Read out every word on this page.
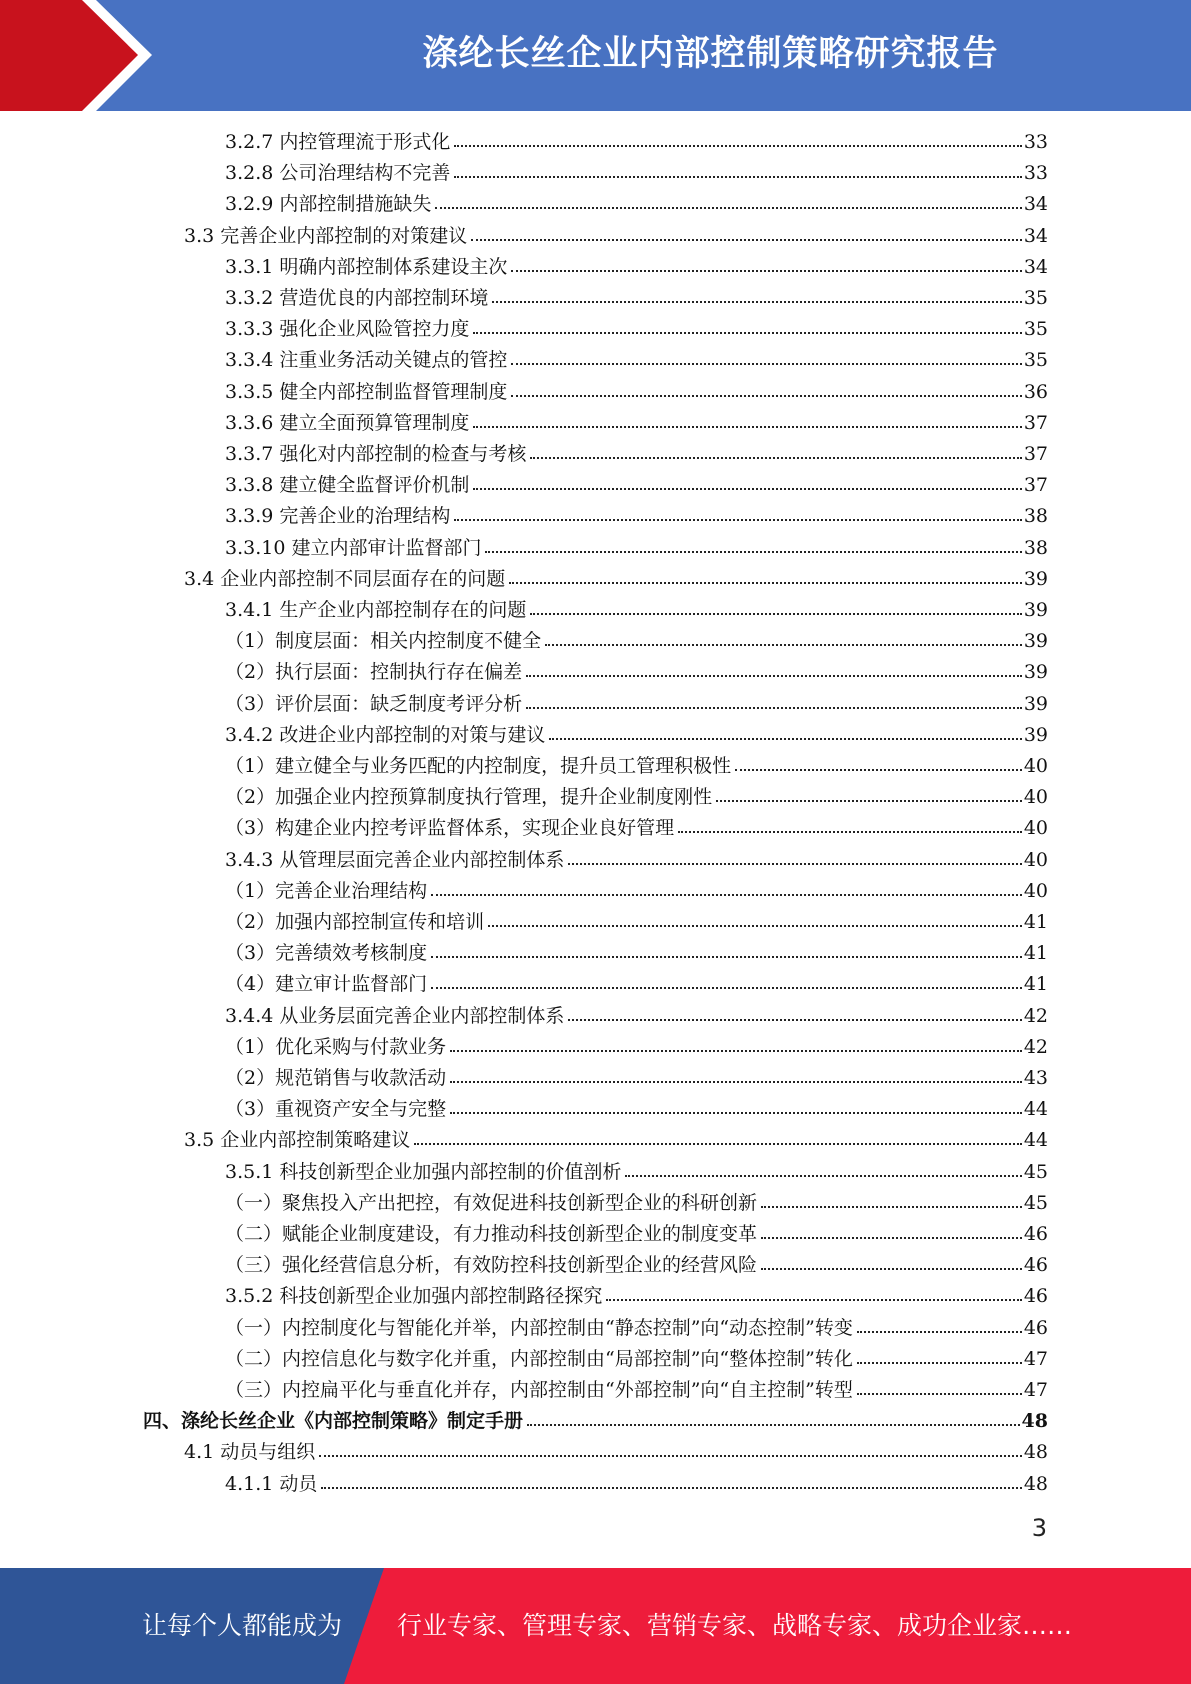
涤纶长丝企业内部控制策略研究报告
3.2.7 内控管理流于形式化	33
3.2.8 公司治理结构不完善	33
3.2.9 内部控制措施缺失	34
3.3 完善企业内部控制的对策建议	34
3.3.1 明确内部控制体系建设主次	34
3.3.2 营造优良的内部控制环境	35
3.3.3 强化企业风险管控力度	35
3.3.4 注重业务活动关键点的管控	35
3.3.5 健全内部控制监督管理制度	36
3.3.6 建立全面预算管理制度	37
3.3.7 强化对内部控制的检查与考核	37
3.3.8 建立健全监督评价机制	37
3.3.9 完善企业的治理结构	38
3.3.10 建立内部审计监督部门	38
3.4 企业内部控制不同层面存在的问题	39
3.4.1 生产企业内部控制存在的问题	39
（1）制度层面：相关内控制度不健全	39
（2）执行层面：控制执行存在偏差	39
（3）评价层面：缺乏制度考评分析	39
3.4.2 改进企业内部控制的对策与建议	39
（1）建立健全与业务匹配的内控制度，提升员工管理积极性	40
（2）加强企业内控预算制度执行管理，提升企业制度刚性	40
（3）构建企业内控考评监督体系，实现企业良好管理	40
3.4.3 从管理层面完善企业内部控制体系	40
（1）完善企业治理结构	40
（2）加强内部控制宣传和培训	41
（3）完善绩效考核制度	41
（4）建立审计监督部门	41
3.4.4 从业务层面完善企业内部控制体系	42
（1）优化采购与付款业务	42
（2）规范销售与收款活动	43
（3）重视资产安全与完整	44
3.5 企业内部控制策略建议	44
3.5.1 科技创新型企业加强内部控制的价值剖析	45
（一）聚焦投入产出把控，有效促进科技创新型企业的科研创新	45
（二）赋能企业制度建设，有力推动科技创新型企业的制度变革	46
（三）强化经营信息分析，有效防控科技创新型企业的经营风险	46
3.5.2 科技创新型企业加强内部控制路径探究	46
（一）内控制度化与智能化并举，内部控制由“静态控制”向“动态控制”转变	46
（二）内控信息化与数字化并重，内部控制由“局部控制”向“整体控制”转化	47
（三）内控扁平化与垂直化并存，内部控制由“外部控制”向“自主控制”转型	47
四、涤纶长丝企业《内部控制策略》制定手册	48
4.1 动员与组织	48
4.1.1 动员	48
3
让每个人都能成为 行业专家、管理专家、营销专家、战略专家、成功企业家……
